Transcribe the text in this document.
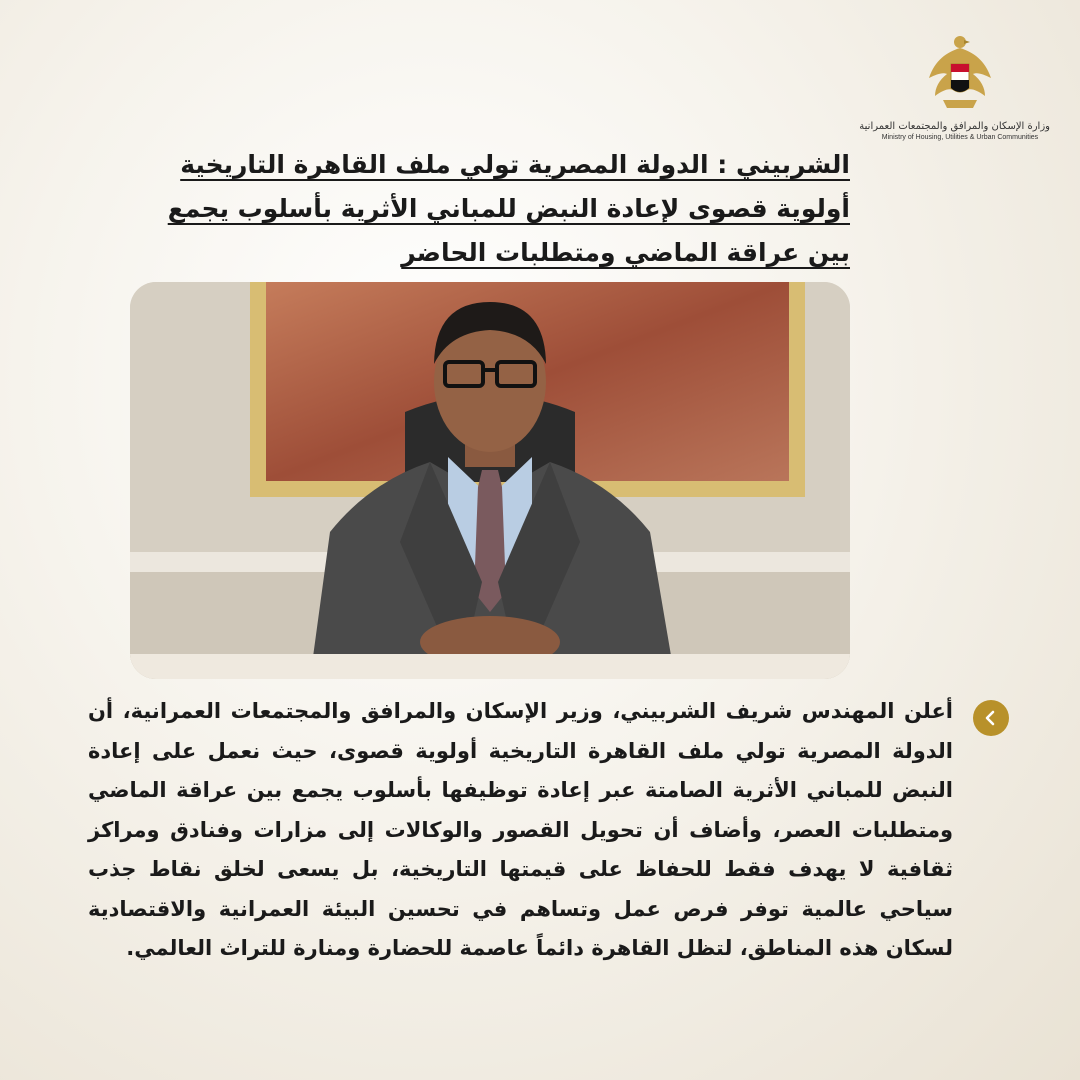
وزارة الإسكان والمرافق والمجتمعات العمرانية
Ministry of Housing, Utilities & Urban Communities

الشربيني : الدولة المصرية تولي ملف القاهرة التاريخية أولوية قصوى لإعادة النبض للمباني الأثرية بأسلوب يجمع بين عراقة الماضي ومتطلبات الحاضر

أعلن المهندس شريف الشربيني، وزير الإسكان والمرافق والمجتمعات العمرانية، أن الدولة المصرية تولي ملف القاهرة التاريخية أولوية قصوى، حيث نعمل على إعادة النبض للمباني الأثرية الصامتة عبر إعادة توظيفها بأسلوب يجمع بين عراقة الماضي ومتطلبات العصر، وأضاف أن تحويل القصور والوكالات إلى مزارات وفنادق ومراكز ثقافية لا يهدف فقط للحفاظ على قيمتها التاريخية، بل يسعى لخلق نقاط جذب سياحي عالمية توفر فرص عمل وتساهم في تحسين البيئة العمرانية والاقتصادية لسكان هذه المناطق، لتظل القاهرة دائماً عاصمة للحضارة ومنارة للتراث العالمي.
